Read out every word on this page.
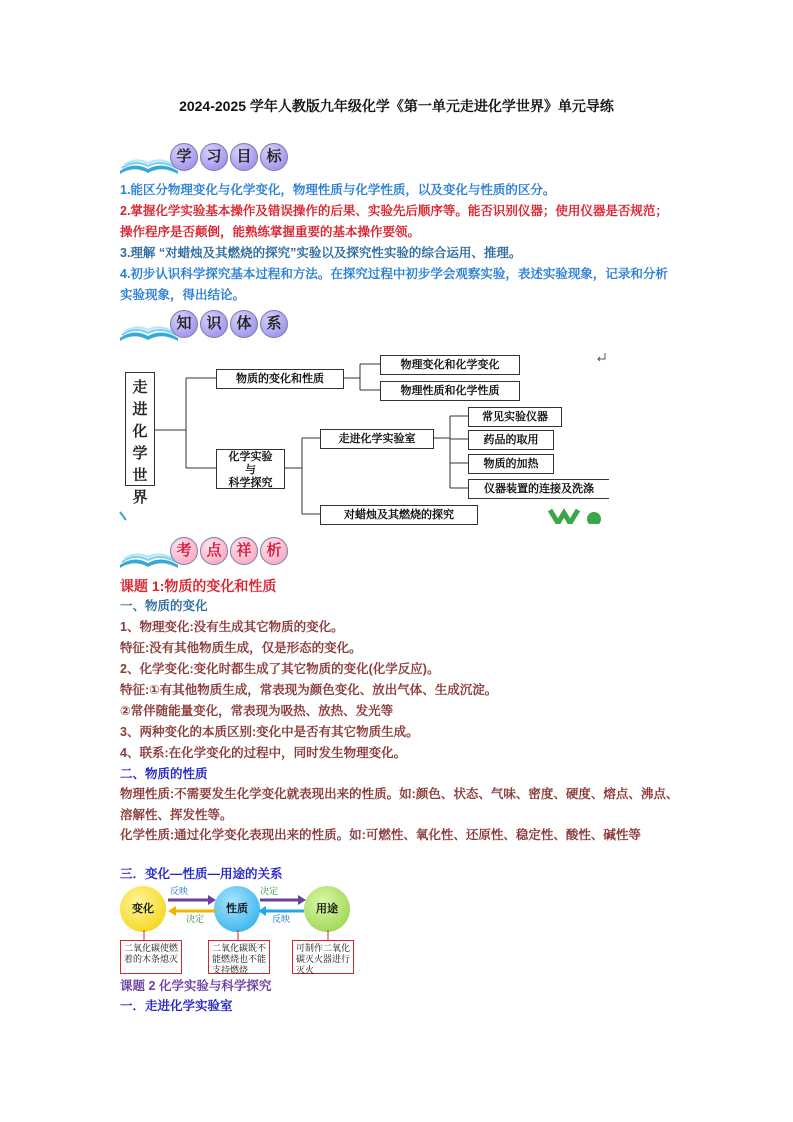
2024-2025 学年人教版九年级化学《第一单元走进化学世界》单元导练
学 习 目 标
1.能区分物理变化与化学变化，物理性质与化学性质，以及变化与性质的区分。
2.掌握化学实验基本操作及错误操作的后果、实验先后顺序等。能否识别仪器；使用仪器是否规范；操作程序是否颠倒，能熟练掌握重要的基本操作要领。
3.理解 “对蜡烛及其燃烧的探究”实验以及探究性实验的综合运用、推理。
4.初步认识科学探究基本过程和方法。在探究过程中初步学会观察实验，表述实验现象，记录和分析实验现象，得出结论。
知 识 体 系
走进化学世界
物质的变化和性质
物理变化和化学变化
物理性质和化学性质
化学实验
与
科学探究
走进化学实验室
常见实验仪器
药品的取用
物质的加热
仪器装置的连接及洗涤
对蜡烛及其燃烧的探究
考 点 祥 析
课题 1:物质的变化和性质
一、物质的变化
1、物理变化:没有生成其它物质的变化。
特征:没有其他物质生成，仅是形态的变化。
2、化学变化:变化时都生成了其它物质的变化(化学反应)。
特征:①有其他物质生成，常表现为颜色变化、放出气体、生成沉淀。
②常伴随能量变化，常表现为吸热、放热、发光等
3、两种变化的本质区别:变化中是否有其它物质生成。
4、联系:在化学变化的过程中，同时发生物理变化。
二、物质的性质
物理性质:不需要发生化学变化就表现出来的性质。如:颜色、状态、气味、密度、硬度、熔点、沸点、溶解性、挥发性等。
化学性质:通过化学变化表现出来的性质。如:可燃性、氧化性、还原性、稳定性、酸性、碱性等
三．变化—性质—用途的关系
变化	性质	用途
反映
决定
决定
反映
二氧化碳使燃着的木条熄灭
二氧化碳既不能燃烧也不能支持燃烧
可制作二氧化碳灭火器进行灭火
课题 2 化学实验与科学探究
一．走进化学实验室
